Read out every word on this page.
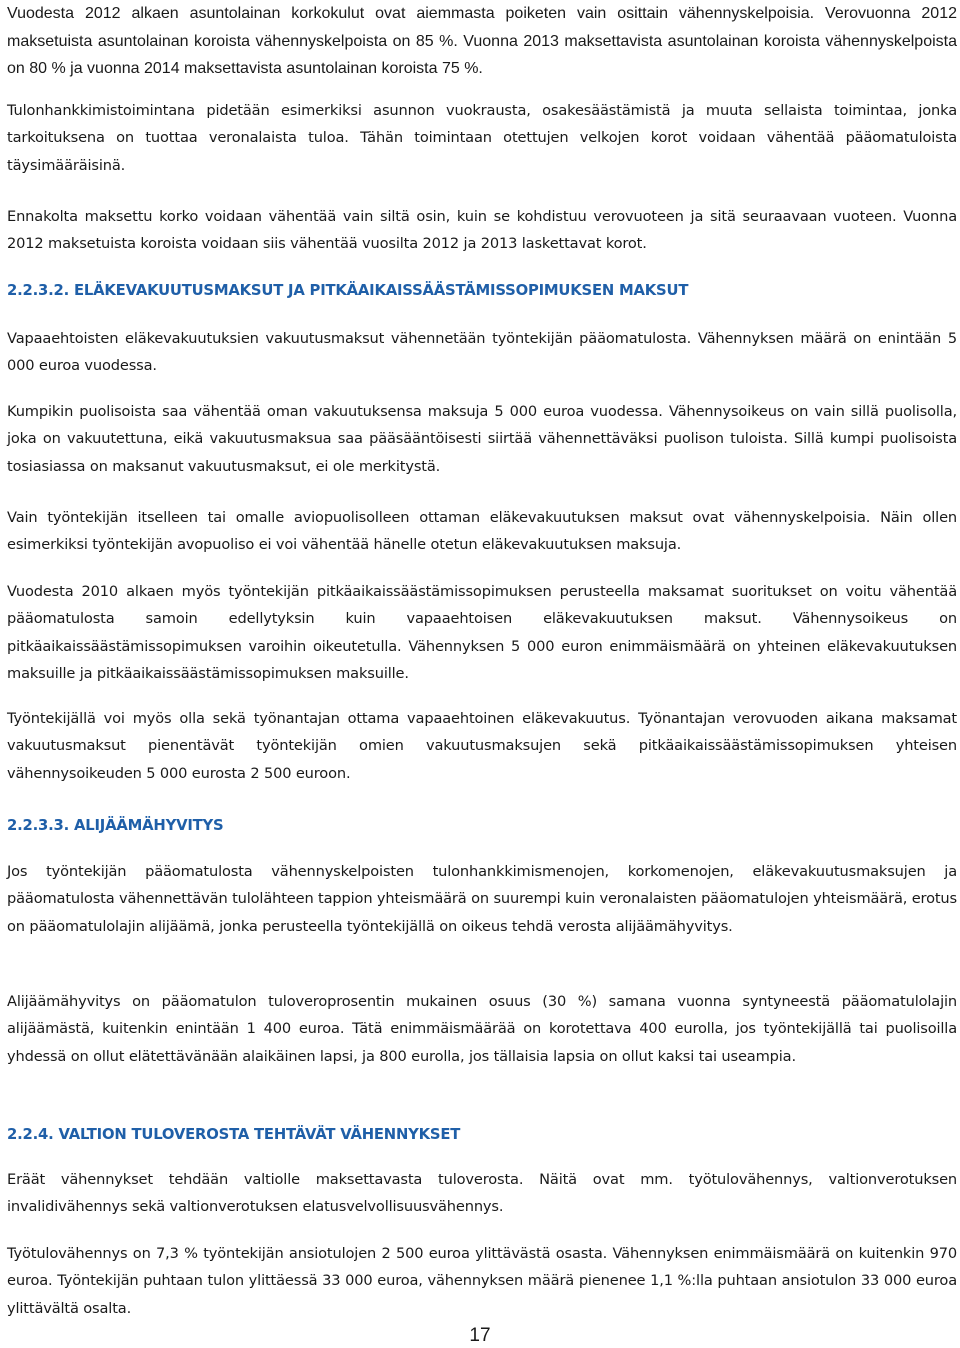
Vuodesta 2012 alkaen asuntolainan korkokulut ovat aiemmasta poiketen vain osittain vähennyskelpoisia. Verovuonna 2012 maksetuista asuntolainan koroista vähennyskelpoista on 85 %. Vuonna 2013 maksettavista asuntolainan koroista vähennyskelpoista on 80 % ja vuonna 2014 maksettavista asuntolainan koroista 75 %.

Tulonhankkimistoimintana pidetään esimerkiksi asunnon vuokrausta, osakesäästämistä ja muuta sellaista toimintaa, jonka tarkoituksena on tuottaa veronalaista tuloa. Tähän toimintaan otettujen velkojen korot voidaan vähentää pääomatuloista täysimääräisinä.

Ennakolta maksettu korko voidaan vähentää vain siltä osin, kuin se kohdistuu verovuoteen ja sitä seuraavaan vuoteen. Vuonna 2012 maksetuista koroista voidaan siis vähentää vuosilta 2012 ja 2013 laskettavat korot.

2.2.3.2. ELÄKEVAKUUTUSMAKSUT JA PITKÄAIKAISSÄÄSTÄMISSOPIMUKSEN MAKSUT

Vapaaehtoisten eläkevakuutuksien vakuutusmaksut vähennetään työntekijän pääomatulosta. Vähennyksen määrä on enintään 5 000 euroa vuodessa.

Kumpikin puolisoista saa vähentää oman vakuutuksensa maksuja 5 000 euroa vuodessa. Vähennysoikeus on vain sillä puolisolla, joka on vakuutettuna, eikä vakuutusmaksua saa pääsääntöisesti siirtää vähennettäväksi puolison tuloista. Sillä kumpi puolisoista tosiasiassa on maksanut vakuutusmaksut, ei ole merkitystä.

Vain työntekijän itselleen tai omalle aviopuolisolleen ottaman eläkevakuutuksen maksut ovat vähennyskelpoisia. Näin ollen esimerkiksi työntekijän avopuoliso ei voi vähentää hänelle otetun eläkevakuutuksen maksuja.

Vuodesta 2010 alkaen myös työntekijän pitkäaikaissäästämissopimuksen perusteella maksamat suoritukset on voitu vähentää pääomatulosta samoin edellytyksin kuin vapaaehtoisen eläkevakuutuksen maksut. Vähennysoikeus on pitkäaikaissäästämissopimuksen varoihin oikeutetulla. Vähennyksen 5 000 euron enimmäismäärä on yhteinen eläkevakuutuksen maksuille ja pitkäaikaissäästämissopimuksen maksuille.

Työntekijällä voi myös olla sekä työnantajan ottama vapaaehtoinen eläkevakuutus. Työnantajan verovuoden aikana maksamat vakuutusmaksut pienentävät työntekijän omien vakuutusmaksujen sekä pitkäaikaissäästämissopimuksen yhteisen vähennysoikeuden 5 000 eurosta 2 500 euroon.

2.2.3.3. ALIJÄÄMÄHYVITYS

Jos työntekijän pääomatulosta vähennyskelpoisten tulonhankkimismenojen, korkomenojen, eläkevakuutusmaksujen ja pääomatulosta vähennettävän tulolähteen tappion yhteismäärä on suurempi kuin veronalaisten pääomatulojen yhteismäärä, erotus on pääomatulolajin alijäämä, jonka perusteella työntekijällä on oikeus tehdä verosta alijäämähyvitys.

Alijäämähyvitys on pääomatulon tuloveroprosentin mukainen osuus (30 %) samana vuonna syntyneestä pääomatulolajin alijäämästä, kuitenkin enintään 1 400 euroa. Tätä enimmäismäärää on korotettava 400 eurolla, jos työntekijällä tai puolisoilla yhdessä on ollut elätettävänään alaikäinen lapsi, ja 800 eurolla, jos tällaisia lapsia on ollut kaksi tai useampia.

2.2.4. VALTION TULOVEROSTA TEHTÄVÄT VÄHENNYKSET

Eräät vähennykset tehdään valtiolle maksettavasta tuloverosta. Näitä ovat mm. työtulovähennys, valtionverotuksen invalidivähennys sekä valtionverotuksen elatusvelvollisuusvähennys.

Työtulovähennys on 7,3 % työntekijän ansiotulojen 2 500 euroa ylittävästä osasta. Vähennyksen enimmäismäärä on kuitenkin 970 euroa. Työntekijän puhtaan tulon ylittäessä 33 000 euroa, vähennyksen määrä pienenee 1,1 %:lla puhtaan ansiotulon 33 000 euroa ylittävältä osalta.

17
